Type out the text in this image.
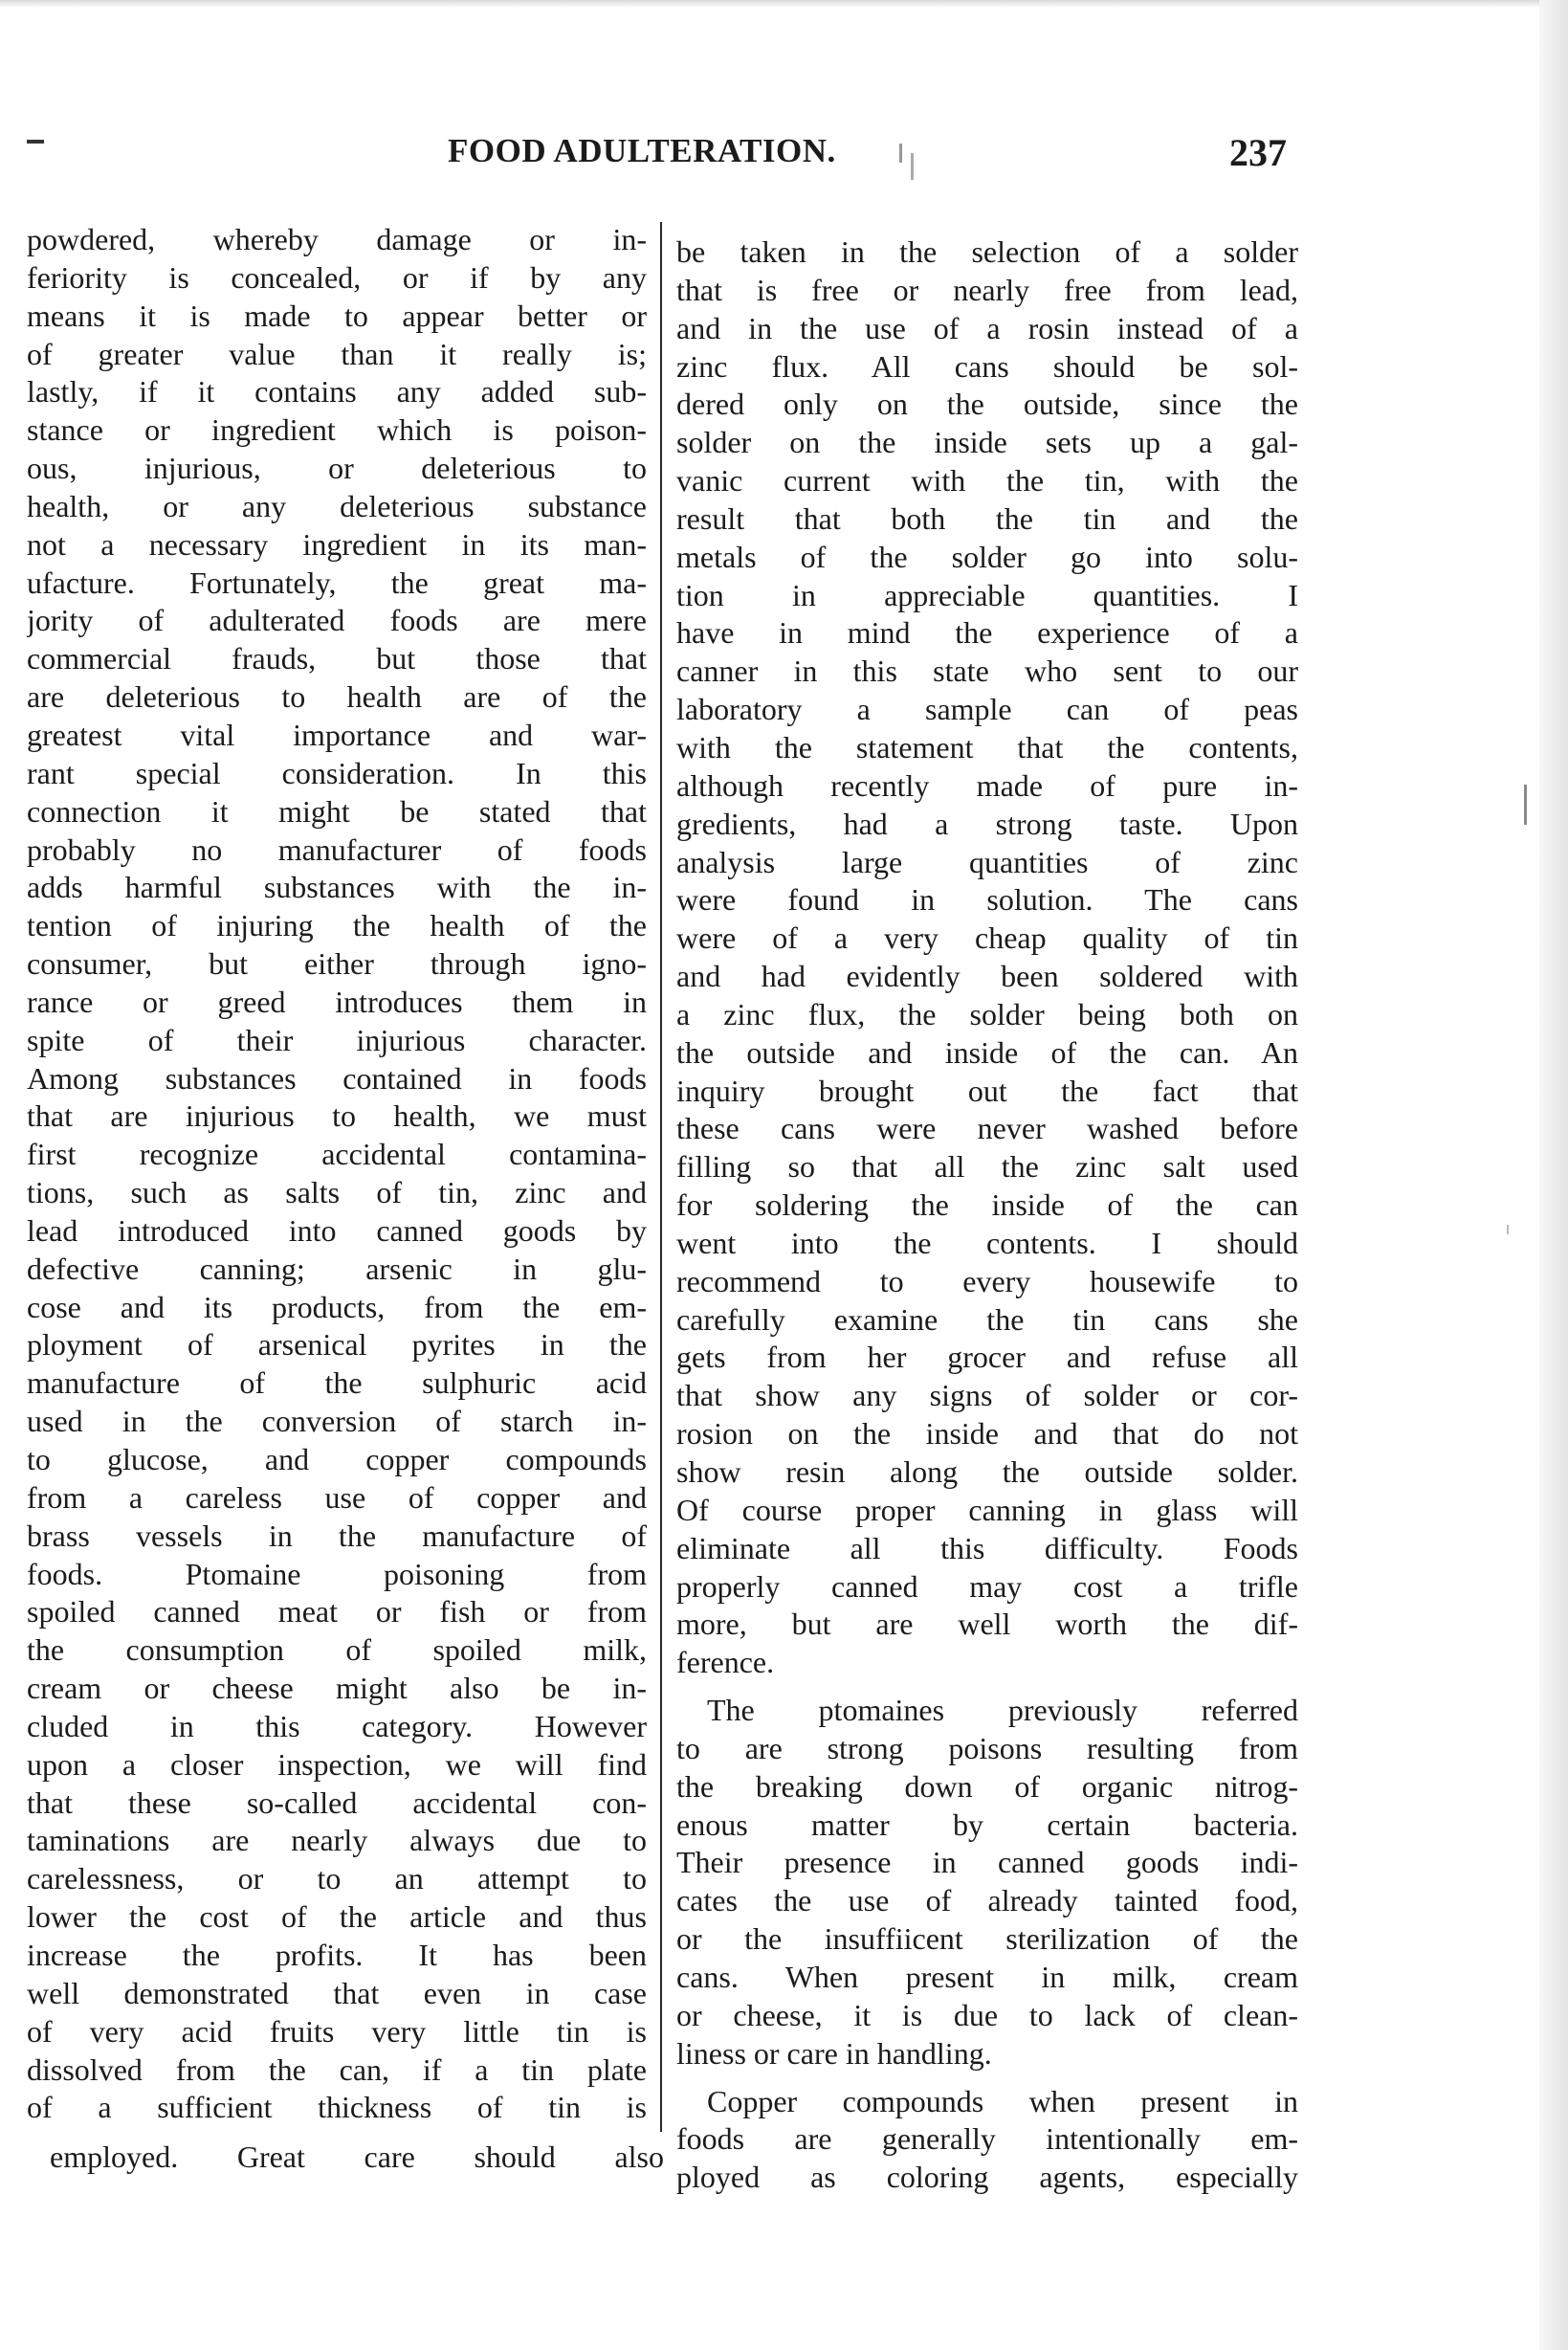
FOOD ADULTERATION.	237
powdered, whereby damage or in-
feriority is concealed, or if by any
means it is made to appear better or
of greater value than it really is;
lastly, if it contains any added sub-
stance or ingredient which is poison-
ous, injurious, or deleterious to
health, or any deleterious substance
not a necessary ingredient in its man-
ufacture. Fortunately, the great ma-
jority of adulterated foods are mere
commercial frauds, but those that
are deleterious to health are of the
greatest vital importance and war-
rant special consideration. In this
connection it might be stated that
probably no manufacturer of foods
adds harmful substances with the in-
tention of injuring the health of the
consumer, but either through igno-
rance or greed introduces them in
spite of their injurious character.
Among substances contained in foods
that are injurious to health, we must
first recognize accidental contamina-
tions, such as salts of tin, zinc and
lead introduced into canned goods by
defective canning; arsenic in glu-
cose and its products, from the em-
ployment of arsenical pyrites in the
manufacture of the sulphuric acid
used in the conversion of starch in-
to glucose, and copper compounds
from a careless use of copper and
brass vessels in the manufacture of
foods. Ptomaine poisoning from
spoiled canned meat or fish or from
the consumption of spoiled milk,
cream or cheese might also be in-
cluded in this category. However
upon a closer inspection, we will find
that these so-called accidental con-
taminations are nearly always due to
carelessness, or to an attempt to
lower the cost of the article and thus
increase the profits. It has been
well demonstrated that even in case
of very acid fruits very little tin is
dissolved from the can, if a tin plate
of a sufficient thickness of tin is
employed. Great care should also
be taken in the selection of a solder
that is free or nearly free from lead,
and in the use of a rosin instead of a
zinc flux. All cans should be sol-
dered only on the outside, since the
solder on the inside sets up a gal-
vanic current with the tin, with the
result that both the tin and the
metals of the solder go into solu-
tion in appreciable quantities. I
have in mind the experience of a
canner in this state who sent to our
laboratory a sample can of peas
with the statement that the contents,
although recently made of pure in-
gredients, had a strong taste. Upon
analysis large quantities of zinc
were found in solution. The cans
were of a very cheap quality of tin
and had evidently been soldered with
a zinc flux, the solder being both on
the outside and inside of the can. An
inquiry brought out the fact that
these cans were never washed before
filling so that all the zinc salt used
for soldering the inside of the can
went into the contents. I should
recommend to every housewife to
carefully examine the tin cans she
gets from her grocer and refuse all
that show any signs of solder or cor-
rosion on the inside and that do not
show resin along the outside solder.
Of course proper canning in glass will
eliminate all this difficulty. Foods
properly canned may cost a trifle
more, but are well worth the dif-
ference.
The ptomaines previously referred
to are strong poisons resulting from
the breaking down of organic nitrog-
enous matter by certain bacteria.
Their presence in canned goods indi-
cates the use of already tainted food,
or the insuffiicent sterilization of the
cans. When present in milk, cream
or cheese, it is due to lack of clean-
liness or care in handling.
Copper compounds when present in
foods are generally intentionally em-
ployed as coloring agents, especially
